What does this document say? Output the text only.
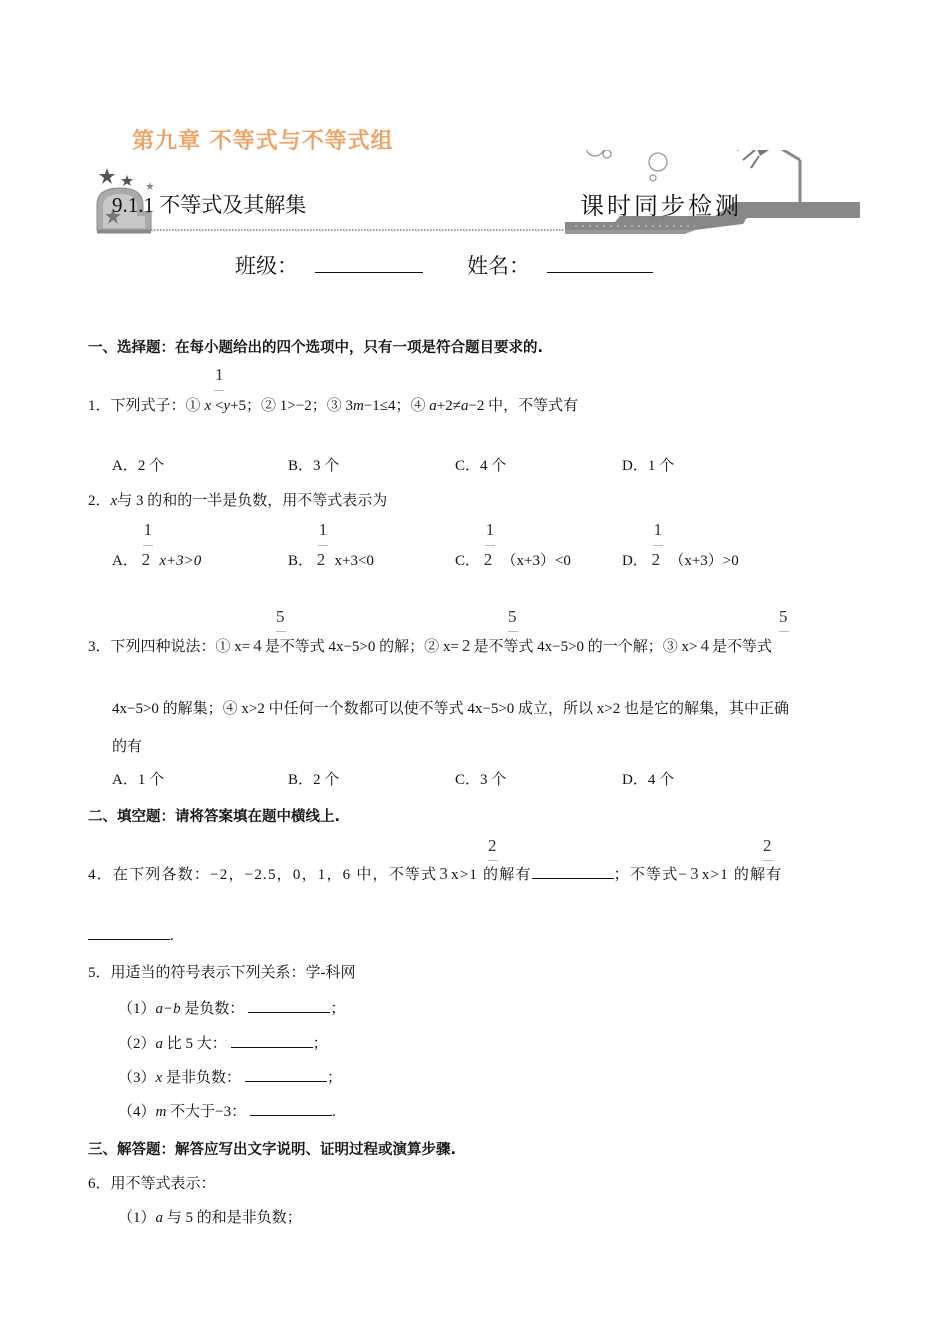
第九章 不等式与不等式组
9.1.1 不等式及其解集	课时同步检测
班级：	姓名：
一、选择题：在每小题给出的四个选项中，只有一项是符合题目要求的.
1
1．下列式子：① x <y+5；② 1>−2；③ 3m−1≤4；④ a+2≠a−2 中，不等式有
A．2 个	B．3 个	C．4 个	D．1 个
2．x与 3 的和的一半是负数，用不等式表示为
A． $\frac{1}{2} x+3>0$	B． $\frac{1}{2} x+3<0$	C． $\frac{1}{2} (x+3)<0$	D． $\frac{1}{2} (x+3)>0$
5	5	5
3．下列四种说法：① x= 4 是不等式 4x−5>0 的解；② x= 2 是不等式 4x−5>0 的一个解；③ x> 4 是不等式
4x−5>0 的解集；④ x>2 中任何一个数都可以使不等式 4x−5>0 成立，所以 x>2 也是它的解集，其中正确
的有
A．1 个	B．2 个	C．3 个	D．4 个
二、填空题：请将答案填在题中横线上.
2	2
4．在下列各数：−2，−2.5，0，1，6 中，不等式 3 x>1 的解有	；不等式− 3 x>1 的解有
.
5．用适当的符号表示下列关系：学-科网
（1）a−b 是负数：	；
（2）a 比 5 大：	；
（3）x 是非负数：	；
（4）m 不大于−3：	.
三、解答题：解答应写出文字说明、证明过程或演算步骤.
6．用不等式表示：
（1）a 与 5 的和是非负数；
